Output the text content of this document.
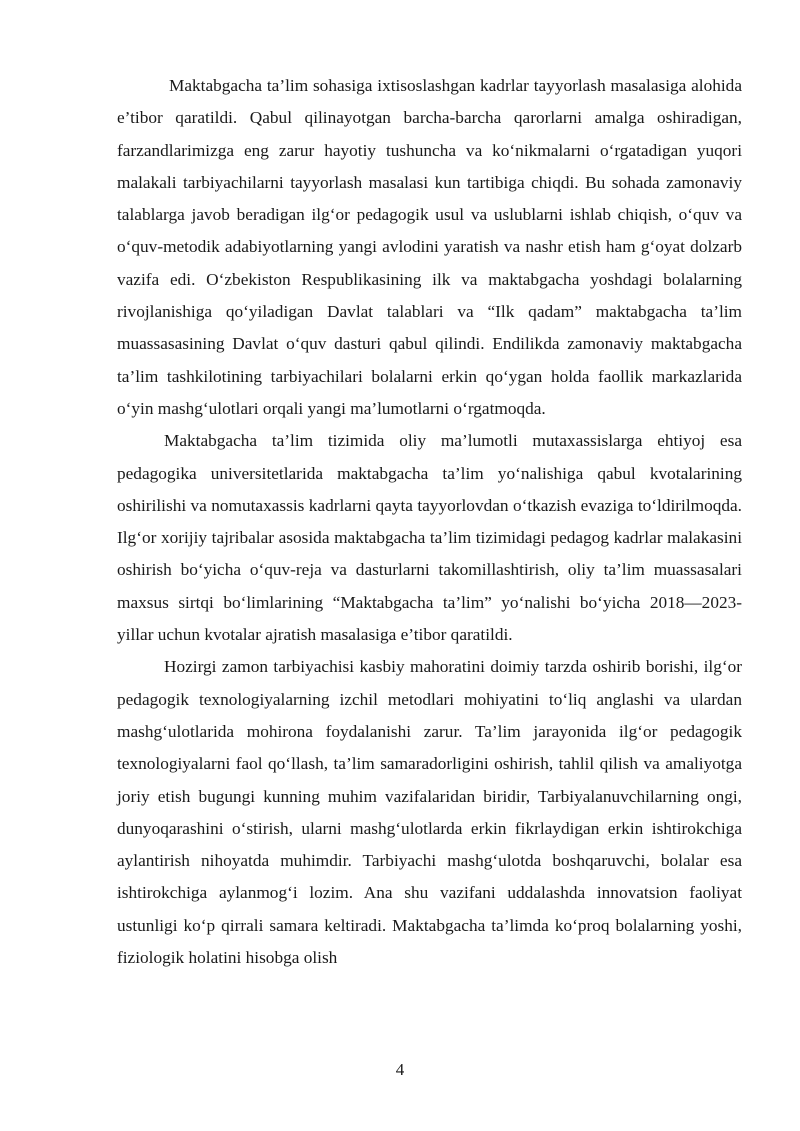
Maktabgacha ta’lim sohasiga ixtisoslashgan kadrlar tayyorlash masalasiga alohida e’tibor qaratildi. Qabul qilinayotgan barcha-barcha qarorlarni amalga oshiradigan, farzandlarimizga eng zarur hayotiy tushuncha va ko‘nikmalarni o‘rgatadigan yuqori malakali tarbiyachilarni tayyorlash masalasi kun tartibiga chiqdi. Bu sohada zamonaviy talablarga javob beradigan ilg‘or pedagogik usul va uslublarni ishlab chiqish, o‘quv va o‘quv-metodik adabiyotlarning yangi avlodini yaratish va nashr etish ham g‘oyat dolzarb vazifa edi. O‘zbekiston Respublikasining ilk va maktabgacha yoshdagi bolalarning rivojlanishiga qo‘yiladigan Davlat talablari va “Ilk qadam” maktabgacha ta’lim muassasasining Davlat o‘quv dasturi qabul qilindi. Endilikda zamonaviy maktabgacha ta’lim tashkilotining tarbiyachilari bolalarni erkin qo‘ygan holda faollik markazlarida o‘yin mashg‘ulotlari orqali yangi ma’lumotlarni o‘rgatmoqda.

Maktabgacha ta’lim tizimida oliy ma’lumotli mutaxassislarga ehtiyoj esa pedagogika universitetlarida maktabgacha ta’lim yo‘nalishiga qabul kvotalarining oshirilishi va nomutaxassis kadrlarni qayta tayyorlovdan o‘tkazish evaziga to‘ldirilmoqda. Ilg‘or xorijiy tajribalar asosida maktabgacha ta’lim tizimidagi pedagog kadrlar malakasini oshirish bo‘yicha o‘quv-reja va dasturlarni takomillashtirish, oliy ta’lim muassasalari maxsus sirtqi bo‘limlarining “Maktabgacha ta’lim” yo‘nalishi bo‘yicha 2018—2023-yillar uchun kvotalar ajratish masalasiga e’tibor qaratildi.

Hozirgi zamon tarbiyachisi kasbiy mahoratini doimiy tarzda oshirib borishi, ilg‘or pedagogik texnologiyalarning izchil metodlari mohiyatini to‘liq anglashi va ulardan mashg‘ulotlarida mohirona foydalanishi zarur. Ta’lim jarayonida ilg‘or pedagogik texnologiyalarni faol qo‘llash, ta’lim samaradorligini oshirish, tahlil qilish va amaliyotga joriy etish bugungi kunning muhim vazifalaridan biridir, Tarbiyalanuvchilarning ongi, dunyoqarashini o‘stirish, ularni mashg‘ulotlarda erkin fikrlaydigan erkin ishtirokchiga aylantirish nihoyatda muhimdir. Tarbiyachi mashg‘ulotda boshqaruvchi, bolalar esa ishtirokchiga aylanmog‘i lozim. Ana shu vazifani uddalashda innovatsion faoliyat ustunligi ko‘p qirrali samara keltiradi. Maktabgacha ta’limda ko‘proq bolalarning yoshi, fiziologik holatini hisobga olish

4
